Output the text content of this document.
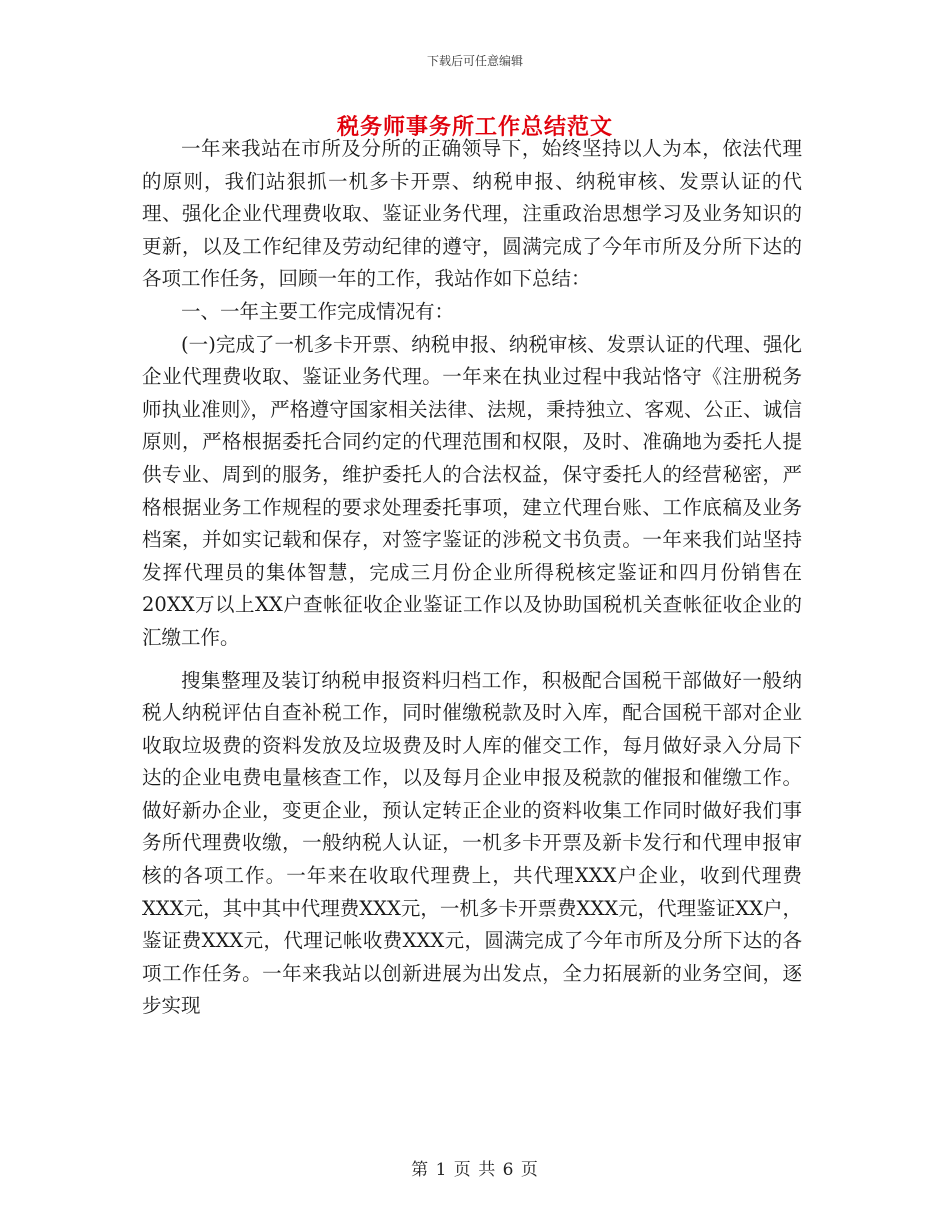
下载后可任意编辑
税务师事务所工作总结范文

一年来我站在市所及分所的正确领导下，始终坚持以人为本，依法代理的原则，我们站狠抓一机多卡开票、纳税申报、纳税审核、发票认证的代理、强化企业代理费收取、鉴证业务代理，注重政治思想学习及业务知识的更新，以及工作纪律及劳动纪律的遵守，圆满完成了今年市所及分所下达的各项工作任务，回顾一年的工作，我站作如下总结：

一、一年主要工作完成情况有：

(一)完成了一机多卡开票、纳税申报、纳税审核、发票认证的代理、强化企业代理费收取、鉴证业务代理。一年来在执业过程中我站恪守《注册税务师执业准则》，严格遵守国家相关法律、法规，秉持独立、客观、公正、诚信原则，严格根据委托合同约定的代理范围和权限，及时、准确地为委托人提供专业、周到的服务，维护委托人的合法权益，保守委托人的经营秘密，严格根据业务工作规程的要求处理委托事项，建立代理台账、工作底稿及业务档案，并如实记载和保存，对签字鉴证的涉税文书负责。一年来我们站坚持发挥代理员的集体智慧，完成三月份企业所得税核定鉴证和四月份销售在20XX万以上XX户查帐征收企业鉴证工作以及协助国税机关查帐征收企业的汇缴工作。

搜集整理及装订纳税申报资料归档工作，积极配合国税干部做好一般纳税人纳税评估自查补税工作，同时催缴税款及时入库，配合国税干部对企业收取垃圾费的资料发放及垃圾费及时人库的催交工作，每月做好录入分局下达的企业电费电量核查工作，以及每月企业申报及税款的催报和催缴工作。做好新办企业，变更企业，预认定转正企业的资料收集工作同时做好我们事务所代理费收缴，一般纳税人认证，一机多卡开票及新卡发行和代理申报审核的各项工作。一年来在收取代理费上，共代理XXX户企业，收到代理费XXX元，其中其中代理费XXX元，一机多卡开票费XXX元，代理鉴证XX户，鉴证费XXX元，代理记帐收费XXX元，圆满完成了今年市所及分所下达的各项工作任务。一年来我站以创新进展为出发点，全力拓展新的业务空间，逐步实现

第 1 页 共 6 页
